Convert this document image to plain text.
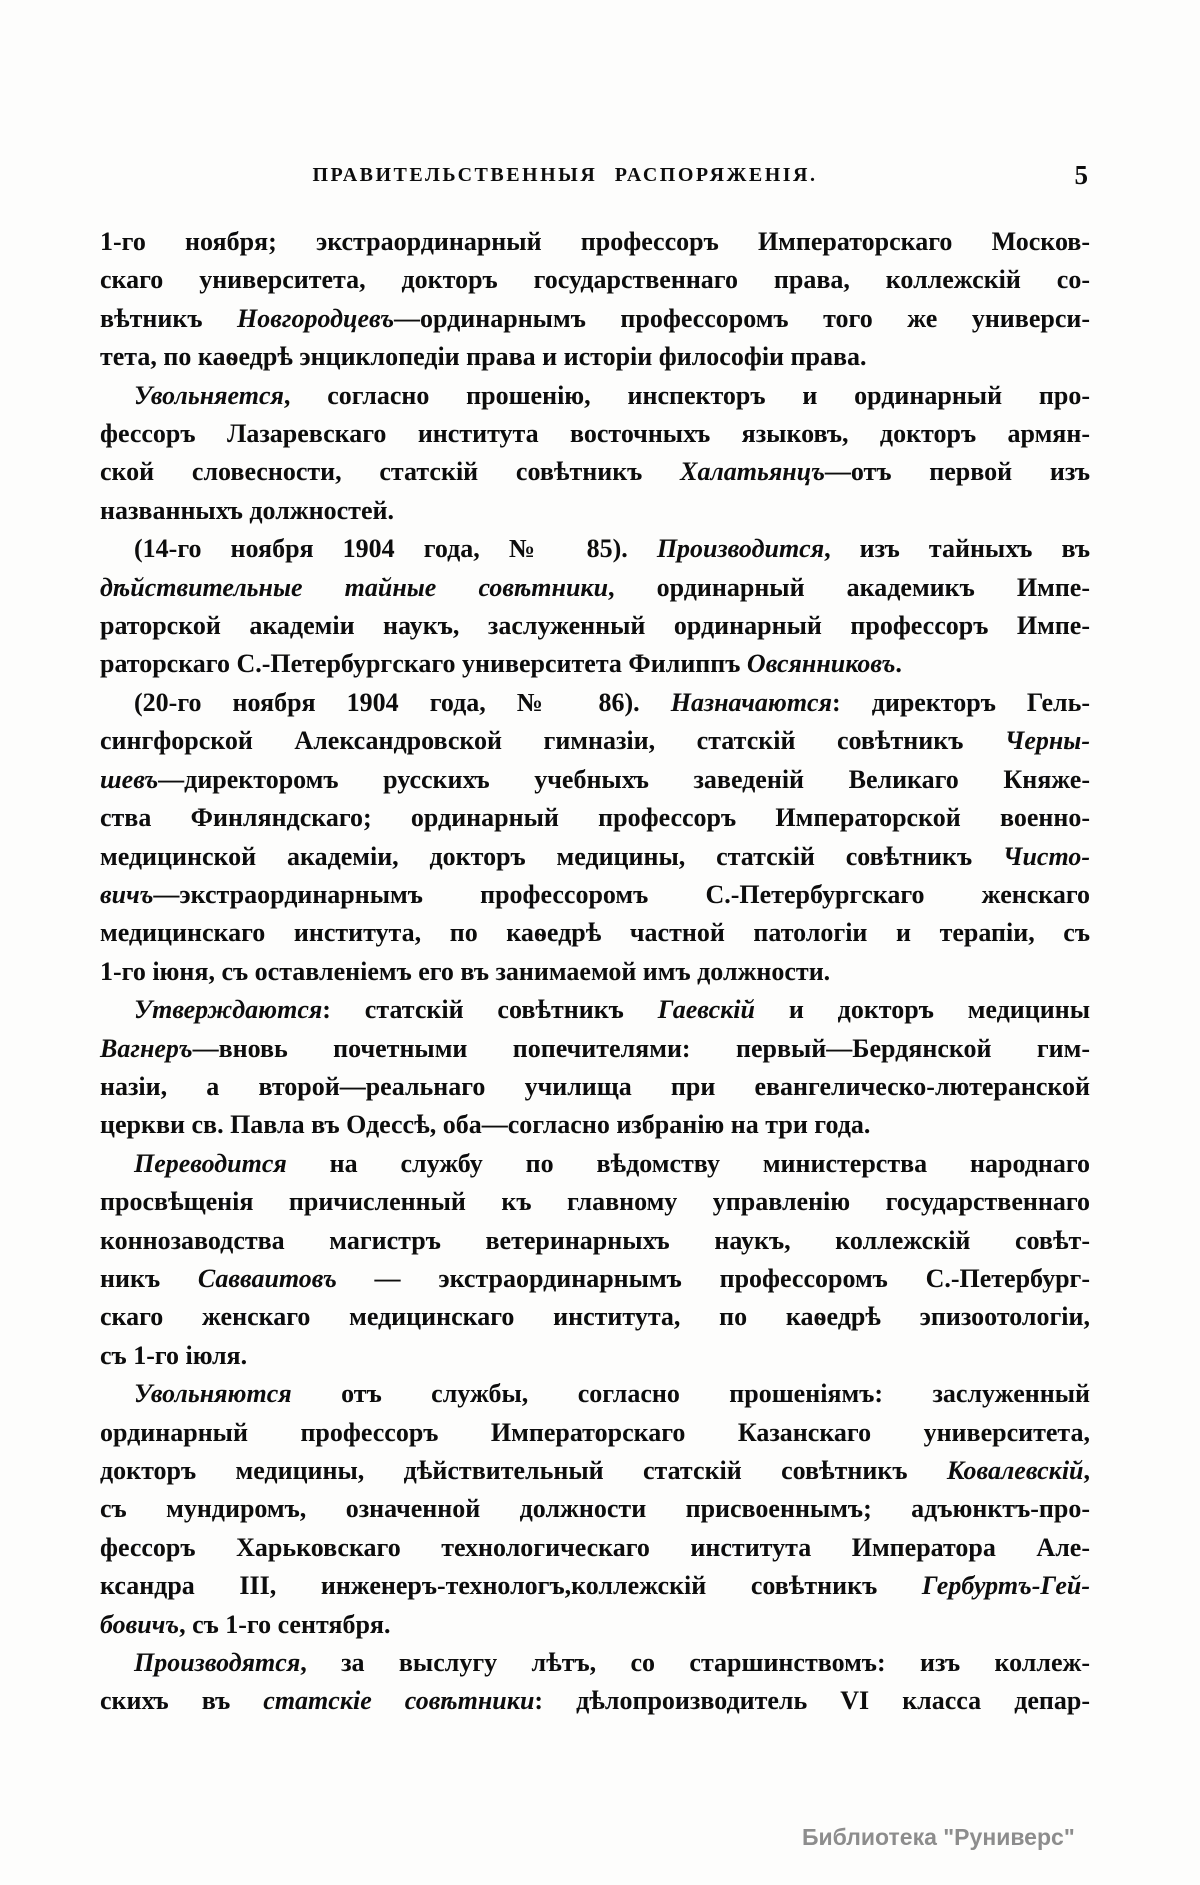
ПРАВИТЕЛЬСТВЕННЫЯ РАСПОРЯЖЕНІЯ.	5
1-го ноября; экстраординарный профессоръ Императорскаго Москов-
скаго университета, докторъ государственнаго права, коллежскій со-
вѣтникъ Новгородцевъ—ординарнымъ профессоромъ того же универси-
тета, по каѳедрѣ энциклопедіи права и исторіи философіи права.
Увольняется, согласно прошенію, инспекторъ и ординарный про-
фессоръ Лазаревскаго института восточныхъ языковъ, докторъ армян-
ской словесности, статскій совѣтникъ Халатьянцъ—отъ первой изъ
названныхъ должностей.
(14-го ноября 1904 года, № 85). Производится, изъ тайныхъ въ
дѣйствительные тайные совѣтники, ординарный академикъ Импе-
раторской академіи наукъ, заслуженный ординарный профессоръ Импе-
раторскаго С.-Петербургскаго университета Филиппъ Овсянниковъ.
(20-го ноября 1904 года, № 86). Назначаются: директоръ Гель-
сингфорской Александровской гимназіи, статскій совѣтникъ Черны-
шевъ—директоромъ русскихъ учебныхъ заведеній Великаго Княже-
ства Финляндскаго; ординарный профессоръ Императорской военно-
медицинской академіи, докторъ медицины, статскій совѣтникъ Чисто-
вичъ—экстраординарнымъ профессоромъ С.-Петербургскаго женскаго
медицинскаго института, по каѳедрѣ частной патологіи и терапіи, съ
1-го іюня, съ оставленіемъ его въ занимаемой имъ должности.
Утверждаются: статскій совѣтникъ Гаевскій и докторъ медицины
Вагнеръ—вновь почетными попечителями: первый—Бердянской гим-
назіи, а второй—реальнаго училища при евангелическо-лютеранской
церкви св. Павла въ Одессѣ, оба—согласно избранію на три года.
Переводится на службу по вѣдомству министерства народнаго
просвѣщенія причисленный къ главному управленію государственнаго
коннозаводства магистръ ветеринарныхъ наукъ, коллежскій совѣт-
никъ Савваитовъ — экстраординарнымъ профессоромъ С.-Петербург-
скаго женскаго медицинскаго института, по каѳедрѣ эпизоотологіи,
съ 1-го іюля.
Увольняются отъ службы, согласно прошеніямъ: заслуженный
ординарный профессоръ Императорскаго Казанскаго университета,
докторъ медицины, дѣйствительный статскій совѣтникъ Ковалевскій,
съ мундиромъ, означенной должности присвоеннымъ; адъюнктъ-про-
фессоръ Харьковскаго технологическаго института Императора Але-
ксандра III, инженеръ-технологъ,коллежскій совѣтникъ Гербуртъ-Гей-
бовичъ, съ 1-го сентября.
Производятся, за выслугу лѣтъ, со старшинствомъ: изъ коллеж-
скихъ въ статскіе совѣтники: дѣлопроизводитель VI класса депар-
Библиотека "Руниверс"
